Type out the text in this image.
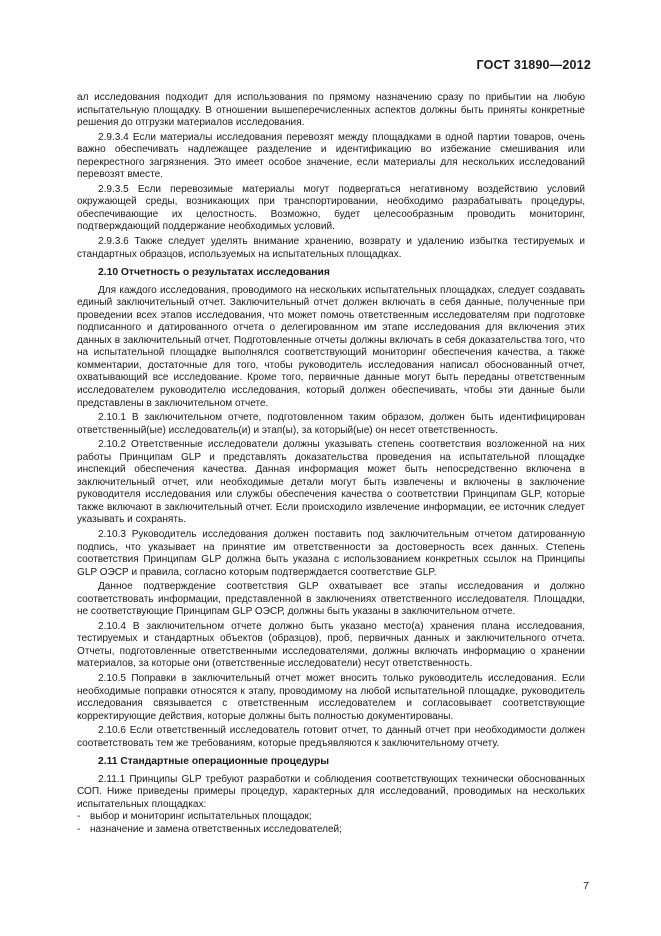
ГОСТ 31890—2012

ал исследования подходит для использования по прямому назначению сразу по прибытии на любую испытательную площадку. В отношении вышеперечисленных аспектов должны быть приняты конкретные решения до отгрузки материалов исследования.

2.9.3.4 Если материалы исследования перевозят между площадками в одной партии товаров, очень важно обеспечивать надлежащее разделение и идентификацию во избежание смешивания или перекрестного загрязнения. Это имеет особое значение, если материалы для нескольких исследований перевозят вместе.

2.9.3.5 Если перевозимые материалы могут подвергаться негативному воздействию условий окружающей среды, возникающих при транспортировании, необходимо разрабатывать процедуры, обеспечивающие их целостность. Возможно, будет целесообразным проводить мониторинг, подтверждающий поддержание необходимых условий.

2.9.3.6 Также следует уделять внимание хранению, возврату и удалению избытка тестируемых и стандартных образцов, используемых на испытательных площадках.

2.10 Отчетность о результатах исследования

Для каждого исследования, проводимого на нескольких испытательных площадках, следует создавать единый заключительный отчет. Заключительный отчет должен включать в себя данные, полученные при проведении всех этапов исследования, что может помочь ответственным исследователям при подготовке подписанного и датированного отчета о делегированном им этапе исследования для включения этих данных в заключительный отчет. Подготовленные отчеты должны включать в себя доказательства того, что на испытательной площадке выполнялся соответствующий мониторинг обеспечения качества, а также комментарии, достаточные для того, чтобы руководитель исследования написал обоснованный отчет, охватывающий все исследование. Кроме того, первичные данные могут быть переданы ответственным исследователем руководителю исследования, который должен обеспечивать, чтобы эти данные были представлены в заключительном отчете.

2.10.1 В заключительном отчете, подготовленном таким образом, должен быть идентифицирован ответственный(ые) исследователь(и) и этап(ы), за который(ые) он несет ответственность.

2.10.2 Ответственные исследователи должны указывать степень соответствия возложенной на них работы Принципам GLP и представлять доказательства проведения на испытательной площадке инспекций обеспечения качества. Данная информация может быть непосредственно включена в заключительный отчет, или необходимые детали могут быть извлечены и включены в заключение руководителя исследования или службы обеспечения качества о соответствии Принципам GLP, которые также включают в заключительный отчет. Если происходило извлечение информации, ее источник следует указывать и сохранять.

2.10.3 Руководитель исследования должен поставить под заключительным отчетом датированную подпись, что указывает на принятие им ответственности за достоверность всех данных. Степень соответствия Принципам GLP должна быть указана с использованием конкретных ссылок на Принципы GLP ОЭСР и правила, согласно которым подтверждается соответствие GLP.

Данное подтверждение соответствия GLP охватывает все этапы исследования и должно соответствовать информации, представленной в заключениях ответственного исследователя. Площадки, не соответствующие Принципам GLP ОЭСР, должны быть указаны в заключительном отчете.

2.10.4 В заключительном отчете должно быть указано место(а) хранения плана исследования, тестируемых и стандартных объектов (образцов), проб, первичных данных и заключительного отчета. Отчеты, подготовленные ответственными исследователями, должны включать информацию о хранении материалов, за которые они (ответственные исследователи) несут ответственность.

2.10.5 Поправки в заключительный отчет может вносить только руководитель исследования. Если необходимые поправки относятся к этапу, проводимому на любой испытательной площадке, руководитель исследования связывается с ответственным исследователем и согласовывает соответствующие корректирующие действия, которые должны быть полностью документированы.

2.10.6 Если ответственный исследователь готовит отчет, то данный отчет при необходимости должен соответствовать тем же требованиям, которые предъявляются к заключительному отчету.

2.11 Стандартные операционные процедуры

2.11.1 Принципы GLP требуют разработки и соблюдения соответствующих технически обоснованных СОП. Ниже приведены примеры процедур, характерных для исследований, проводимых на нескольких испытательных площадках:

- выбор и мониторинг испытательных площадок;
- назначение и замена ответственных исследователей;
7
